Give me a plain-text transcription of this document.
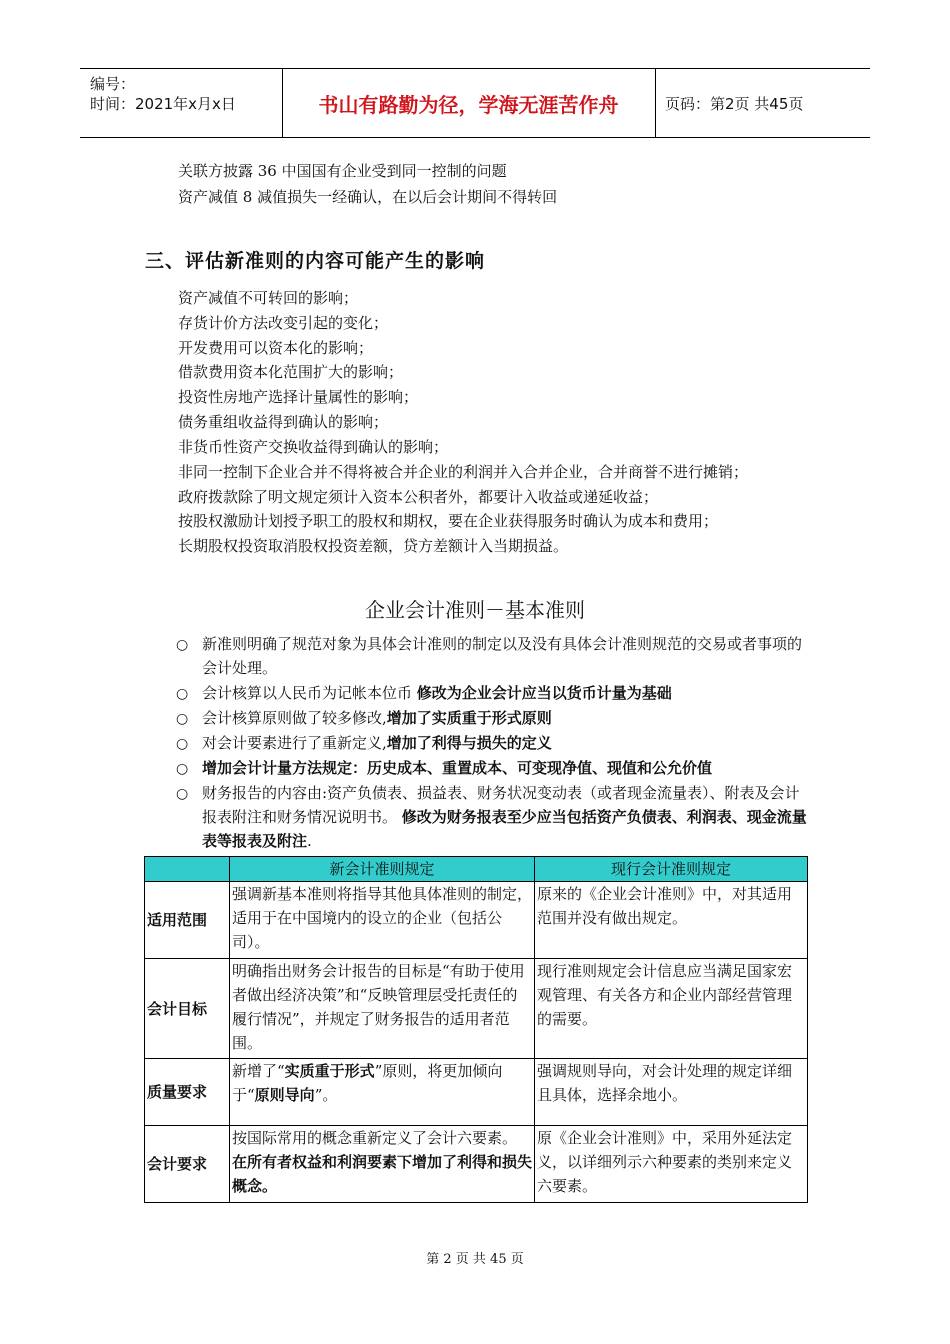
编号：
时间：2021年x月x日	书山有路勤为径，学海无涯苦作舟	页码：第2页 共45页
关联方披露 36 中国国有企业受到同一控制的问题
资产减值 8 减值损失一经确认，在以后会计期间不得转回
三、评估新准则的内容可能产生的影响
资产减值不可转回的影响；
存货计价方法改变引起的变化；
开发费用可以资本化的影响；
借款费用资本化范围扩大的影响；
投资性房地产选择计量属性的影响；
债务重组收益得到确认的影响；
非货币性资产交换收益得到确认的影响；
非同一控制下企业合并不得将被合并企业的利润并入合并企业，合并商誉不进行摊销；
政府拨款除了明文规定须计入资本公积者外，都要计入收益或递延收益；
按股权激励计划授予职工的股权和期权，要在企业获得服务时确认为成本和费用；
长期股权投资取消股权投资差额，贷方差额计入当期损益。
企业会计准则－基本准则
○ 新准则明确了规范对象为具体会计准则的制定以及没有具体会计准则规范的交易或者事项的会计处理。
○ 会计核算以人民币为记帐本位币 修改为企业会计应当以货币计量为基础
○ 会计核算原则做了较多修改,增加了实质重于形式原则
○ 对会计要素进行了重新定义,增加了利得与损失的定义
○ 增加会计计量方法规定：历史成本、重置成本、可变现净值、现值和公允价值
○ 财务报告的内容由:资产负债表、损益表、财务状况变动表（或者现金流量表）、附表及会计报表附注和财务情况说明书。 修改为财务报表至少应当包括资产负债表、利润表、现金流量表等报表及附注.
	新会计准则规定	现行会计准则规定
适用范围	强调新基本准则将指导其他具体准则的制定，适用于在中国境内的设立的企业（包括公司）。	原来的《企业会计准则》中，对其适用范围并没有做出规定。
会计目标	明确指出财务会计报告的目标是“有助于使用者做出经济决策”和“反映管理层受托责任的履行情况”，并规定了财务报告的适用者范围。	现行准则规定会计信息应当满足国家宏观管理、有关各方和企业内部经营管理的需要。
质量要求	新增了“实质重于形式”原则，将更加倾向于“原则导向”。	强调规则导向，对会计处理的规定详细且具体，选择余地小。
会计要求	按国际常用的概念重新定义了会计六要素。在所有者权益和利润要素下增加了利得和损失概念。	原《企业会计准则》中，采用外延法定义，以详细列示六种要素的类别来定义六要素。
第 2 页 共 45 页
